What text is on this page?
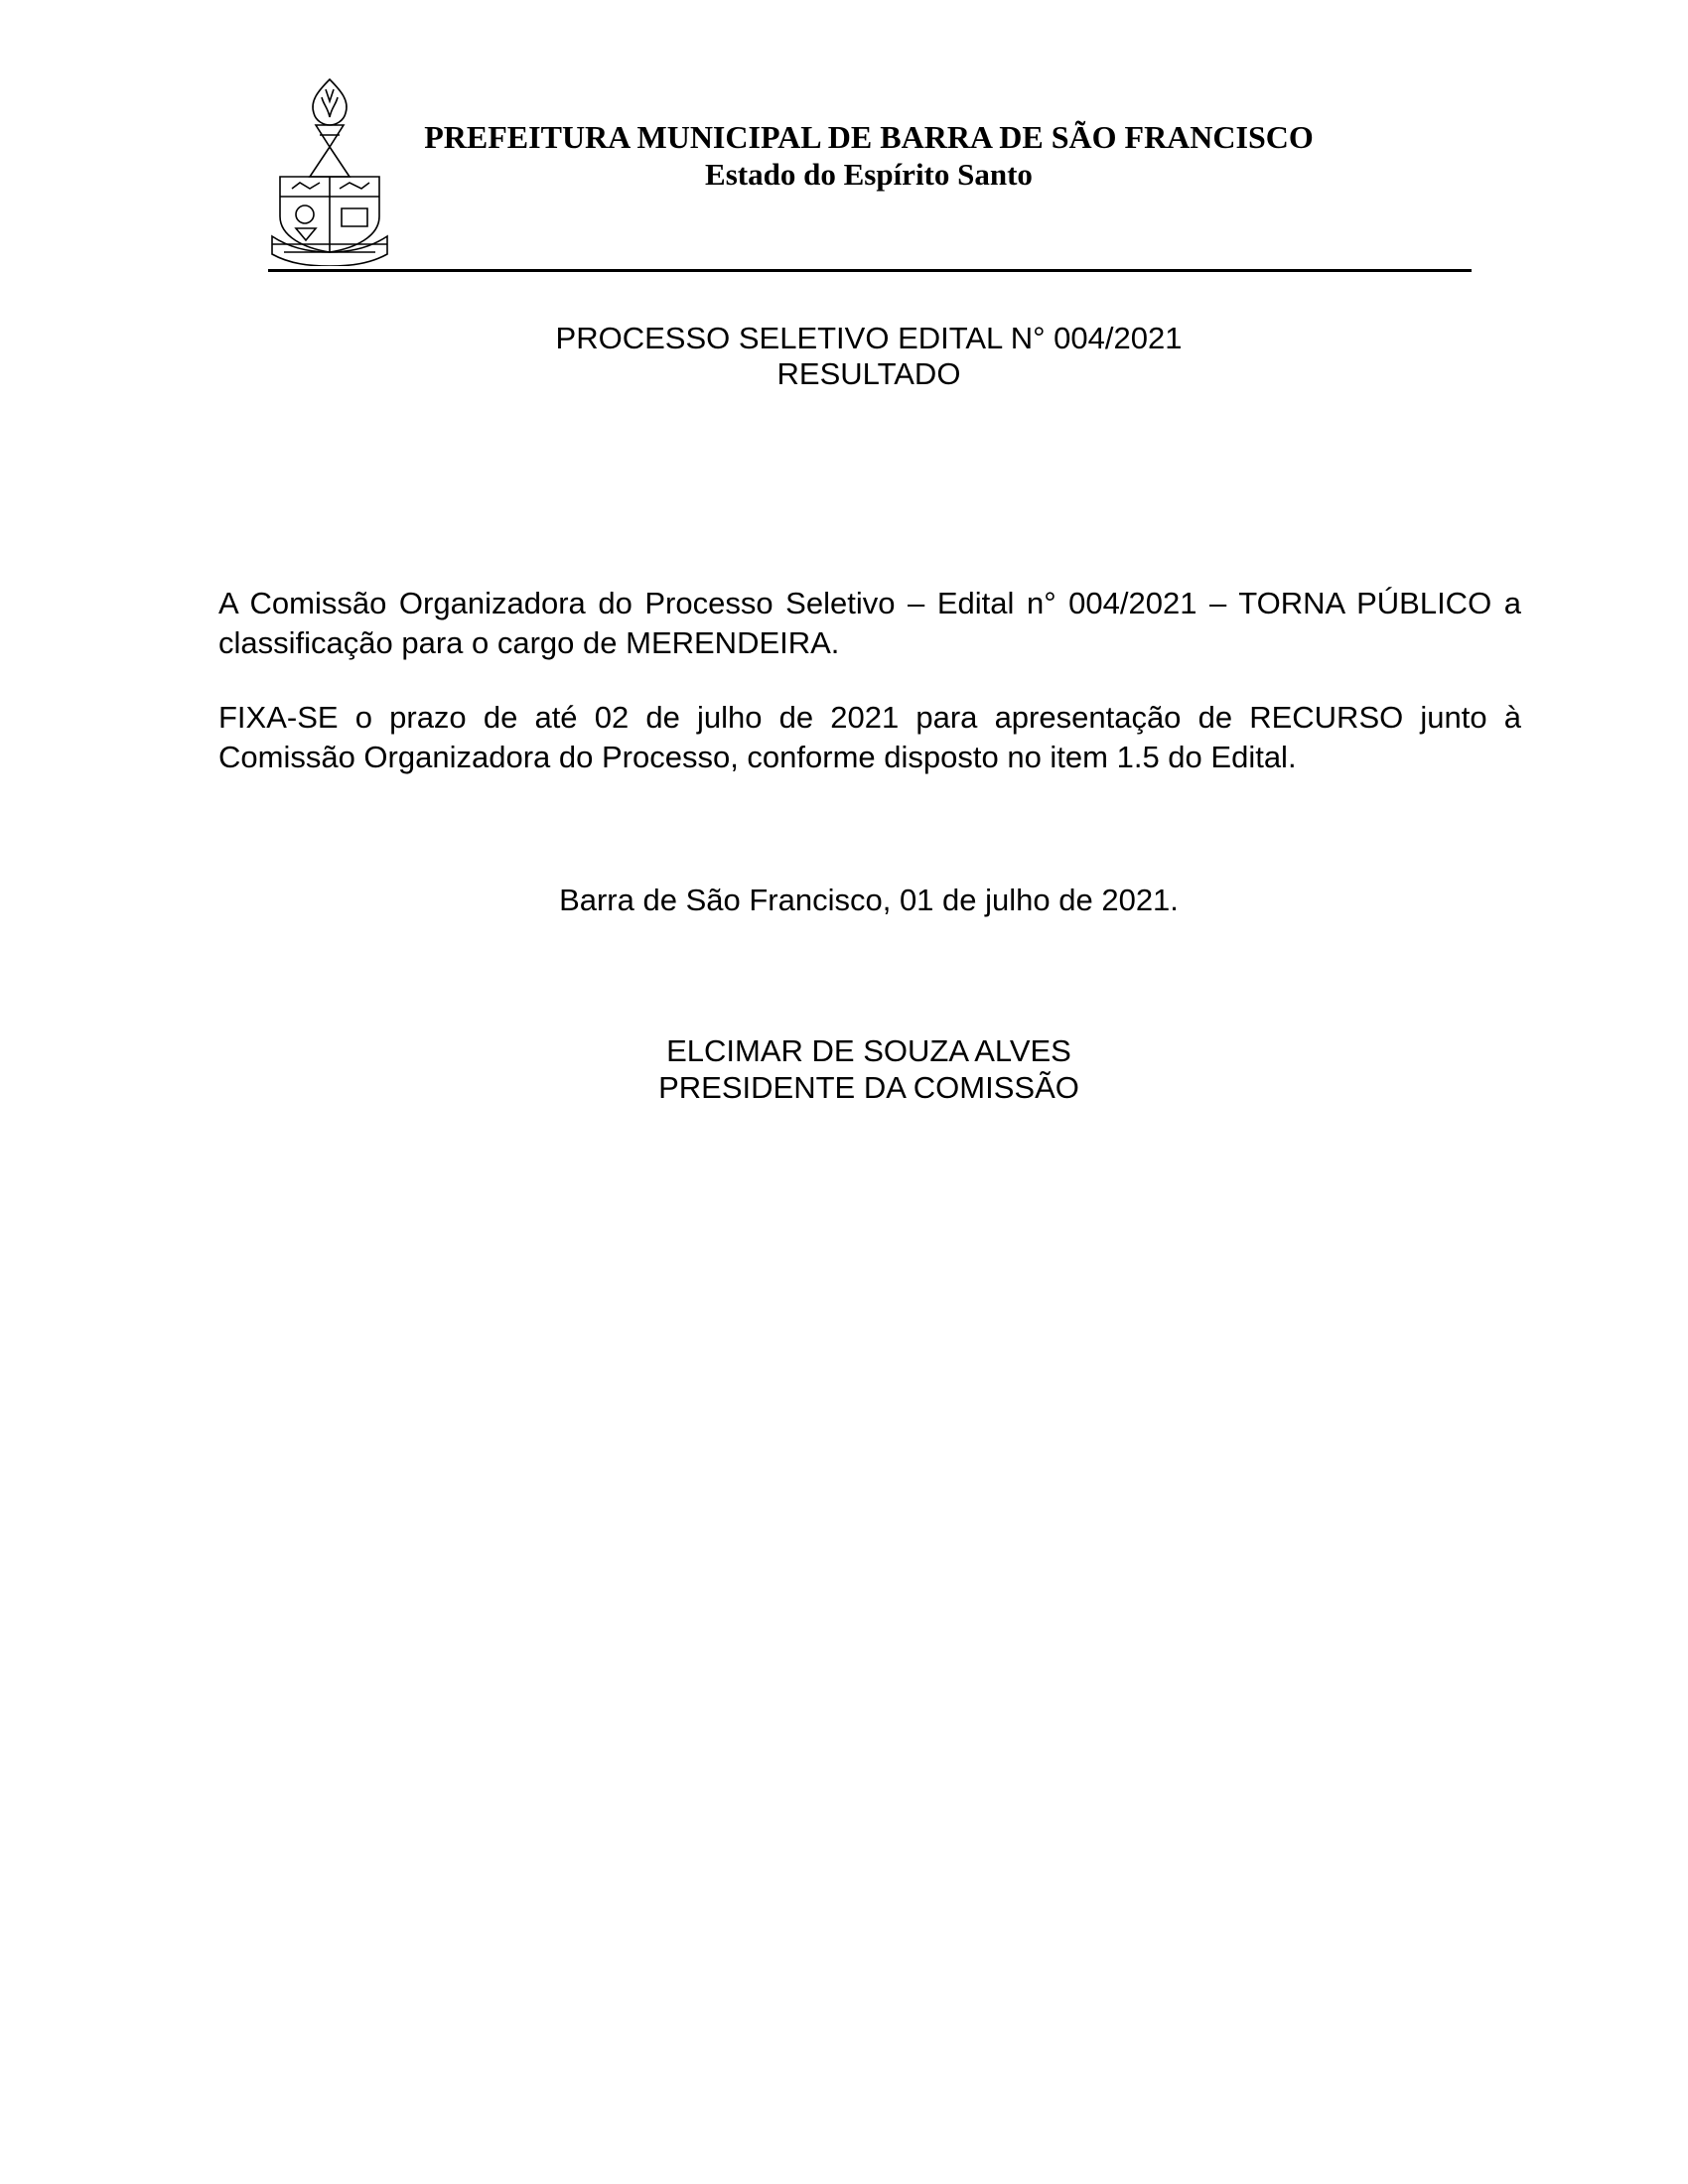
PREFEITURA MUNICIPAL DE BARRA DE SÃO FRANCISCO
Estado do Espírito Santo
PROCESSO SELETIVO EDITAL N° 004/2021
RESULTADO
A Comissão Organizadora do Processo Seletivo – Edital n° 004/2021 – TORNA PÚBLICO a classificação para o cargo de MERENDEIRA.
FIXA-SE o prazo de até 02 de julho de 2021 para apresentação de RECURSO junto à Comissão Organizadora do Processo, conforme disposto no item 1.5 do Edital.
Barra de São Francisco, 01 de julho de 2021.
ELCIMAR DE SOUZA ALVES
PRESIDENTE DA COMISSÃO
